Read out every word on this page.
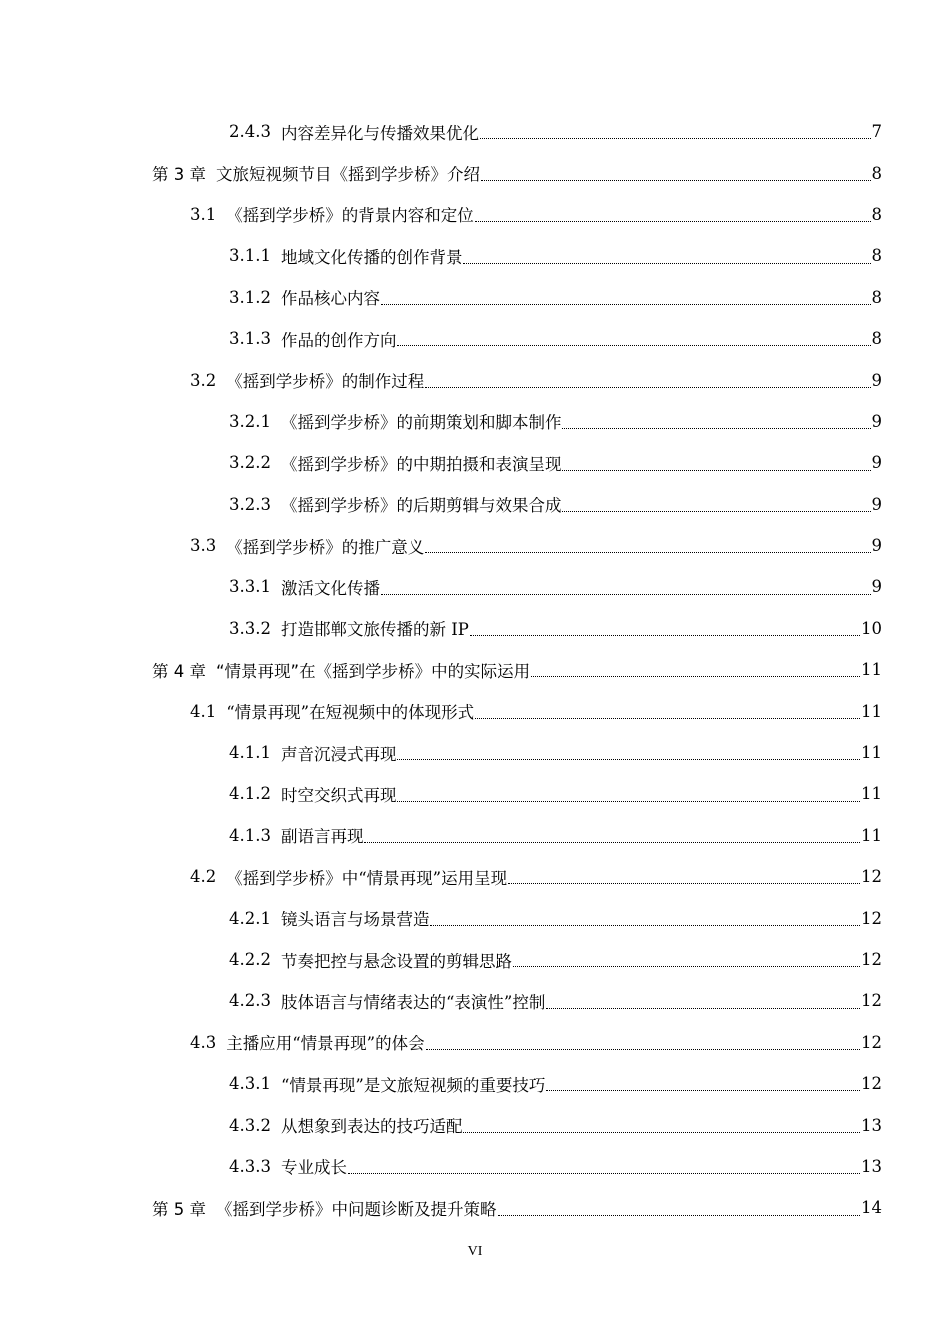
2.4.3 内容差异化与传播效果优化	7
第 3 章 文旅短视频节目《摇到学步桥》介绍	8
3.1 《摇到学步桥》的背景内容和定位	8
3.1.1 地域文化传播的创作背景	8
3.1.2 作品核心内容	8
3.1.3 作品的创作方向	8
3.2 《摇到学步桥》的制作过程	9
3.2.1 《摇到学步桥》的前期策划和脚本制作	9
3.2.2 《摇到学步桥》的中期拍摄和表演呈现	9
3.2.3 《摇到学步桥》的后期剪辑与效果合成	9
3.3 《摇到学步桥》的推广意义	9
3.3.1 激活文化传播	9
3.3.2 打造邯郸文旅传播的新 IP	10
第 4 章 “情景再现”在《摇到学步桥》中的实际运用	11
4.1 “情景再现”在短视频中的体现形式	11
4.1.1 声音沉浸式再现	11
4.1.2 时空交织式再现	11
4.1.3 副语言再现	11
4.2 《摇到学步桥》中“情景再现”运用呈现	12
4.2.1 镜头语言与场景营造	12
4.2.2 节奏把控与悬念设置的剪辑思路	12
4.2.3 肢体语言与情绪表达的“表演性”控制	12
4.3 主播应用“情景再现”的体会	12
4.3.1 “情景再现”是文旅短视频的重要技巧	12
4.3.2 从想象到表达的技巧适配	13
4.3.3 专业成长	13
第 5 章 《摇到学步桥》中问题诊断及提升策略	14
VI
